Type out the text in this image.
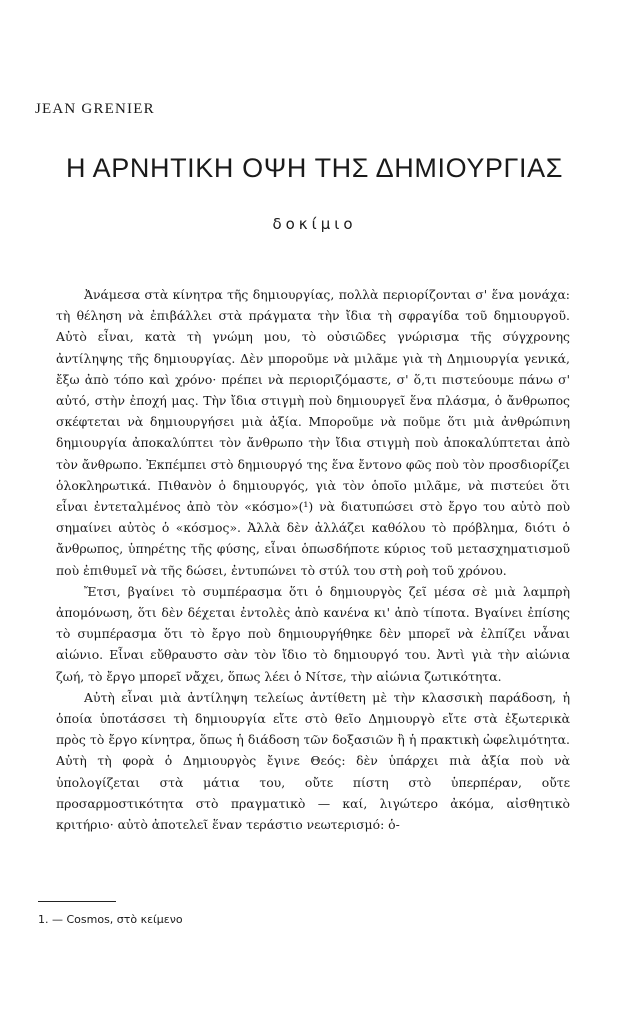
JEAN GRENIER
Η ΑΡΝΗΤΙΚΗ ΟΨΗ ΤΗΣ ΔΗΜΙΟΥΡΓΙΑΣ
δοκίμιο

Ἀνάμεσα στὰ κίνητρα τῆς δημιουργίας, πολλὰ περιορίζονται σ' ἕνα μονάχα: τὴ θέληση νὰ ἐπιβάλλει στὰ πράγματα τὴν ἴδια τὴ σφραγίδα τοῦ δημιουργοῦ. Αὐτὸ εἶναι, κατὰ τὴ γνώμη μου, τὸ οὐσιῶδες γνώρισμα τῆς σύγχρονης ἀντίληψης τῆς δημιουργίας. Δὲν μποροῦμε νὰ μιλᾶμε γιὰ τὴ Δημιουργία γενικά, ἔξω ἀπὸ τόπο καὶ χρόνο· πρέπει νὰ περιοριζόμαστε, σ' ὅ,τι πιστεύουμε πάνω σ' αὐτό, στὴν ἐποχή μας. Τὴν ἴδια στιγμὴ ποὺ δημιουργεῖ ἕνα πλάσμα, ὁ ἄνθρωπος σκέφτεται νὰ δημιουργήσει μιὰ ἀξία. Μποροῦμε νὰ ποῦμε ὅτι μιὰ ἀνθρώπινη δημιουργία ἀποκαλύπτει τὸν ἄνθρωπο τὴν ἴδια στιγμὴ ποὺ ἀποκαλύπτεται ἀπὸ τὸν ἄνθρωπο. Ἐκπέμπει στὸ δημιουργό της ἕνα ἔντονο φῶς ποὺ τὸν προσδιορίζει ὁλοκληρωτικά. Πιθανὸν ὁ δημιουργός, γιὰ τὸν ὁποῖο μιλᾶμε, νὰ πιστεύει ὅτι εἶναι ἐντεταλμένος ἀπὸ τὸν «κόσμο»(¹) νὰ διατυπώσει στὸ ἔργο του αὐτὸ ποὺ σημαίνει αὐτὸς ὁ «κόσμος». Ἀλλὰ δὲν ἀλλάζει καθόλου τὸ πρόβλημα, διότι ὁ ἄνθρωπος, ὑπηρέτης τῆς φύσης, εἶναι ὁπωσδήποτε κύριος τοῦ μετασχηματισμοῦ ποὺ ἐπιθυμεῖ νὰ τῆς δώσει, ἐντυπώνει τὸ στύλ του στὴ ροὴ τοῦ χρόνου.

Ἔτσι, βγαίνει τὸ συμπέρασμα ὅτι ὁ δημιουργὸς ζεῖ μέσα σὲ μιὰ λαμπρὴ ἀπομόνωση, ὅτι δὲν δέχεται ἐντολὲς ἀπὸ κανένα κι' ἀπὸ τίποτα. Βγαίνει ἐπίσης τὸ συμπέρασμα ὅτι τὸ ἔργο ποὺ δημιουργήθηκε δὲν μπορεῖ νὰ ἐλπίζει νἆναι αἰώνιο. Εἶναι εὔθραυστο σὰν τὸν ἴδιο τὸ δημιουργό του. Ἀντὶ γιὰ τὴν αἰώνια ζωή, τὸ ἔργο μπορεῖ νἄχει, ὅπως λέει ὁ Νίτσε, τὴν αἰώνια ζωτικότητα.

Αὐτὴ εἶναι μιὰ ἀντίληψη τελείως ἀντίθετη μὲ τὴν κλασσικὴ παράδοση, ἡ ὁποία ὑποτάσσει τὴ δημιουργία εἴτε στὸ θεῖο Δημιουργὸ εἴτε στὰ ἐξωτερικὰ πρὸς τὸ ἔργο κίνητρα, ὅπως ἡ διάδοση τῶν δοξασιῶν ἢ ἡ πρακτικὴ ὠφελιμότητα. Αὐτὴ τὴ φορὰ ὁ Δημιουργὸς ἔγινε Θεός: δὲν ὑπάρχει πιὰ ἀξία ποὺ νὰ ὑπολογίζεται στὰ μάτια του, οὔτε πίστη στὸ ὑπερπέραν, οὔτε προσαρμοστικότητα στὸ πραγματικὸ — καί, λιγώτερο ἀκόμα, αἰσθητικὸ κριτήριο· αὐτὸ ἀποτελεῖ ἕναν τεράστιο νεωτερισμό: ὁ-

1. — Cosmos, στὸ κείμενο
